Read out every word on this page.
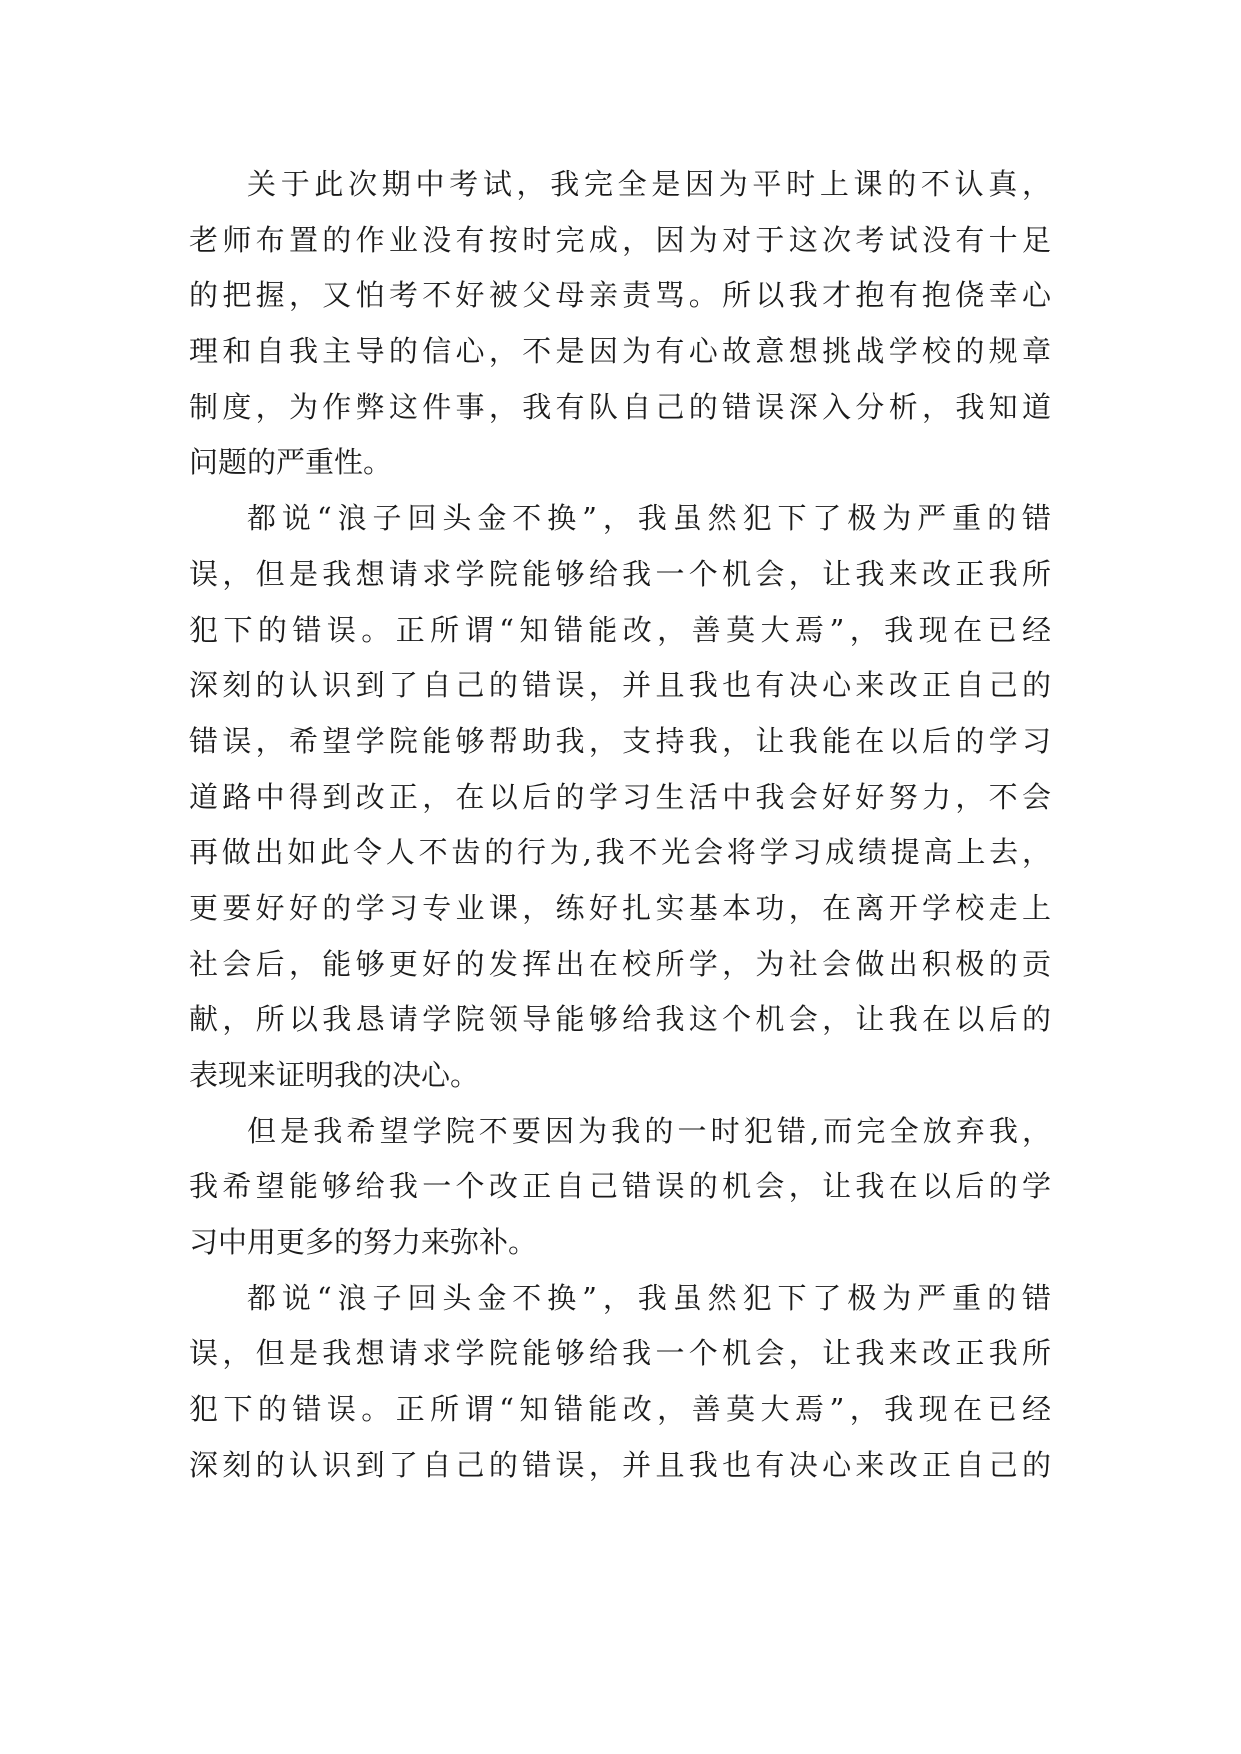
关于此次期中考试，我完全是因为平时上课的不认真，
老师布置的作业没有按时完成，因为对于这次考试没有十足
的把握，又怕考不好被父母亲责骂。所以我才抱有抱侥幸心
理和自我主导的信心，不是因为有心故意想挑战学校的规章
制度，为作弊这件事，我有队自己的错误深入分析，我知道
问题的严重性。
都说“浪子回头金不换”，我虽然犯下了极为严重的错
误，但是我想请求学院能够给我一个机会，让我来改正我所
犯下的错误。正所谓“知错能改，善莫大焉”，我现在已经
深刻的认识到了自己的错误，并且我也有决心来改正自己的
错误，希望学院能够帮助我，支持我，让我能在以后的学习
道路中得到改正，在以后的学习生活中我会好好努力，不会
再做出如此令人不齿的行为,我不光会将学习成绩提高上去，
更要好好的学习专业课，练好扎实基本功，在离开学校走上
社会后，能够更好的发挥出在校所学，为社会做出积极的贡
献，所以我恳请学院领导能够给我这个机会，让我在以后的
表现来证明我的决心。
但是我希望学院不要因为我的一时犯错,而完全放弃我，
我希望能够给我一个改正自己错误的机会，让我在以后的学
习中用更多的努力来弥补。
都说“浪子回头金不换”，我虽然犯下了极为严重的错
误，但是我想请求学院能够给我一个机会，让我来改正我所
犯下的错误。正所谓“知错能改，善莫大焉”，我现在已经
深刻的认识到了自己的错误，并且我也有决心来改正自己的
